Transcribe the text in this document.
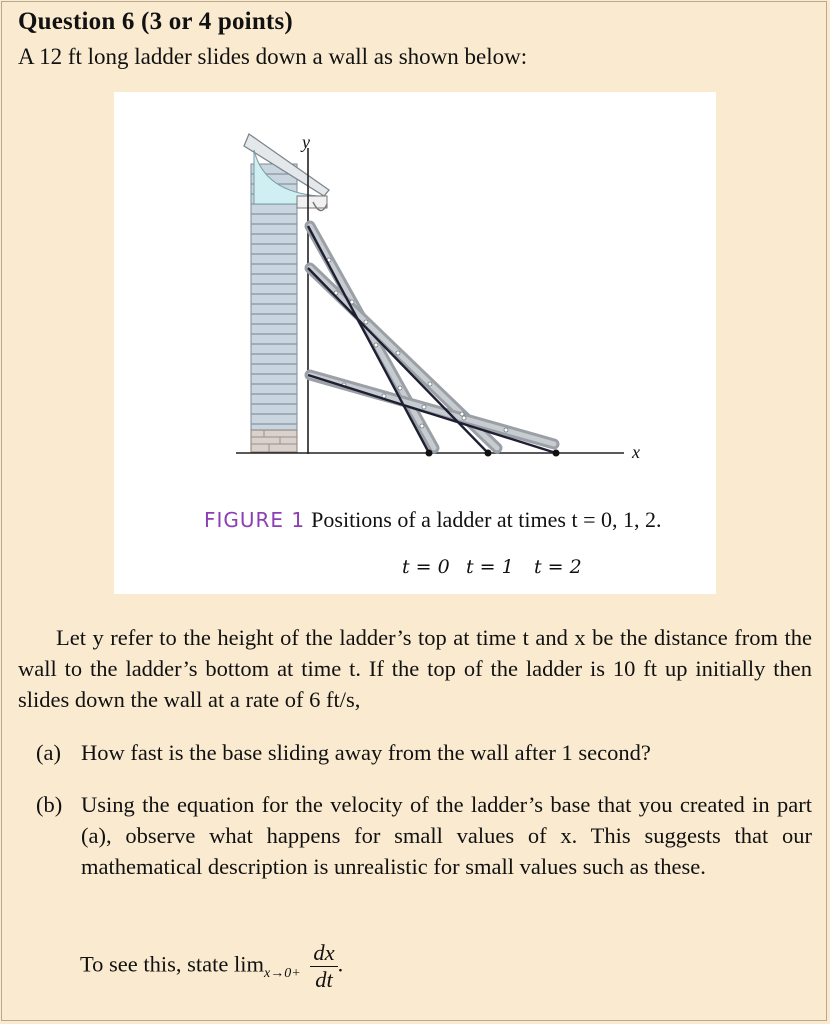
Question 6 (3 or 4 points)
A 12 ft long ladder slides down a wall as shown below:
y
x
t = 0 t = 1 t = 2
FIGURE 1 Positions of a ladder at times t = 0, 1, 2.
Let y refer to the height of the ladder’s top at time t and x be the distance from the wall to the ladder’s bottom at time t. If the top of the ladder is 10 ft up initially then slides down the wall at a rate of 6 ft/s,
(a) How fast is the base sliding away from the wall after 1 second?
(b) Using the equation for the velocity of the ladder’s base that you created in part (a), observe what happens for small values of x. This suggests that our mathematical description is unrealistic for small values such as these.
To see this, state $\lim_{x\to 0+} \frac{dx}{dt}$ .
